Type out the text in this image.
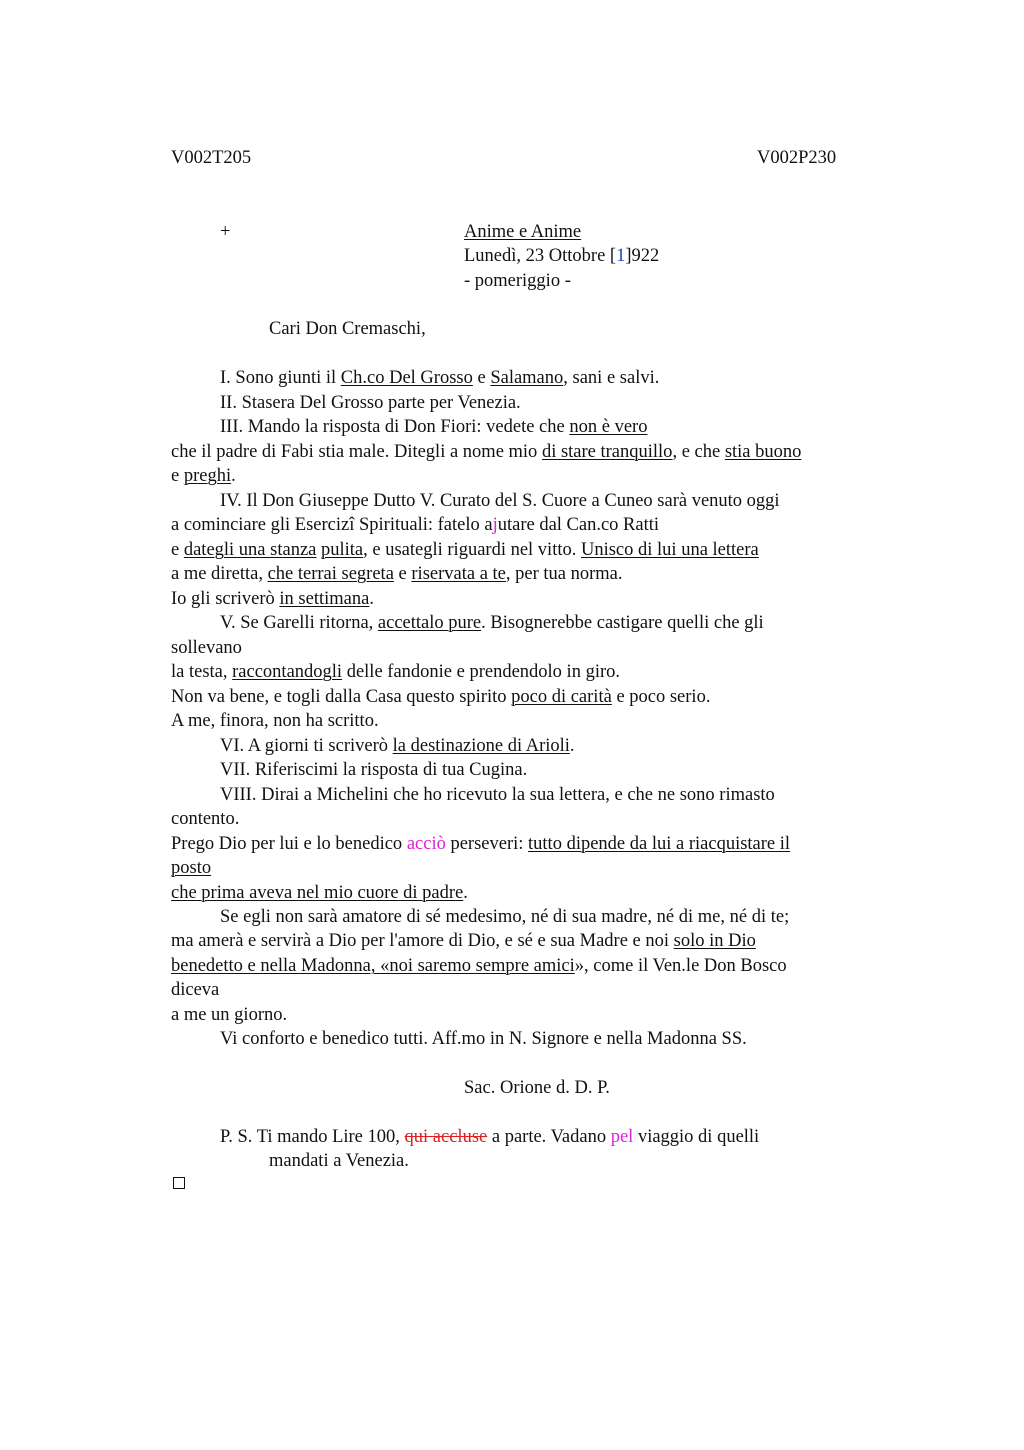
V002T205	V002P230
+	Anime e Anime
Lunedì, 23 Ottobre [1]922
- pomeriggio -
Cari Don Cremaschi,
I. Sono giunti il Ch.co Del Grosso e Salamano, sani e salvi.
II. Stasera Del Grosso parte per Venezia.
III. Mando la risposta di Don Fiori: vedete che non è vero
che il padre di Fabi stia male. Ditegli a nome mio di stare tranquillo, e che stia buono
e preghi.
IV. Il Don Giuseppe Dutto V. Curato del S. Cuore a Cuneo sarà venuto oggi
a cominciare gli Esercizî Spirituali: fatelo ajutare dal Can.co Ratti
e dategli una stanza pulita, e usategli riguardi nel vitto. Unisco di lui una lettera
a me diretta, che terrai segreta e riservata a te, per tua norma.
Io gli scriverò in settimana.
V. Se Garelli ritorna, accettalo pure. Bisognerebbe castigare quelli che gli
sollevano
la testa, raccontandogli delle fandonie e prendendolo in giro.
Non va bene, e togli dalla Casa questo spirito poco di carità e poco serio.
A me, finora, non ha scritto.
VI. A giorni ti scriverò la destinazione di Arioli.
VII. Riferiscimi la risposta di tua Cugina.
VIII. Dirai a Michelini che ho ricevuto la sua lettera, e che ne sono rimasto
contento.
Prego Dio per lui e lo benedico acciò perseveri: tutto dipende da lui a riacquistare il
posto
che prima aveva nel mio cuore di padre.
Se egli non sarà amatore di sé medesimo, né di sua madre, né di me, né di te;
ma amerà e servirà a Dio per l'amore di Dio, e sé e sua Madre e noi solo in Dio
benedetto e nella Madonna, «noi saremo sempre amici», come il Ven.le Don Bosco
diceva
a me un giorno.
Vi conforto e benedico tutti. Aff.mo in N. Signore e nella Madonna SS.
Sac. Orione d. D. P.
P. S. Ti mando Lire 100, qui accluse a parte. Vadano pel viaggio di quelli
mandati a Venezia.
